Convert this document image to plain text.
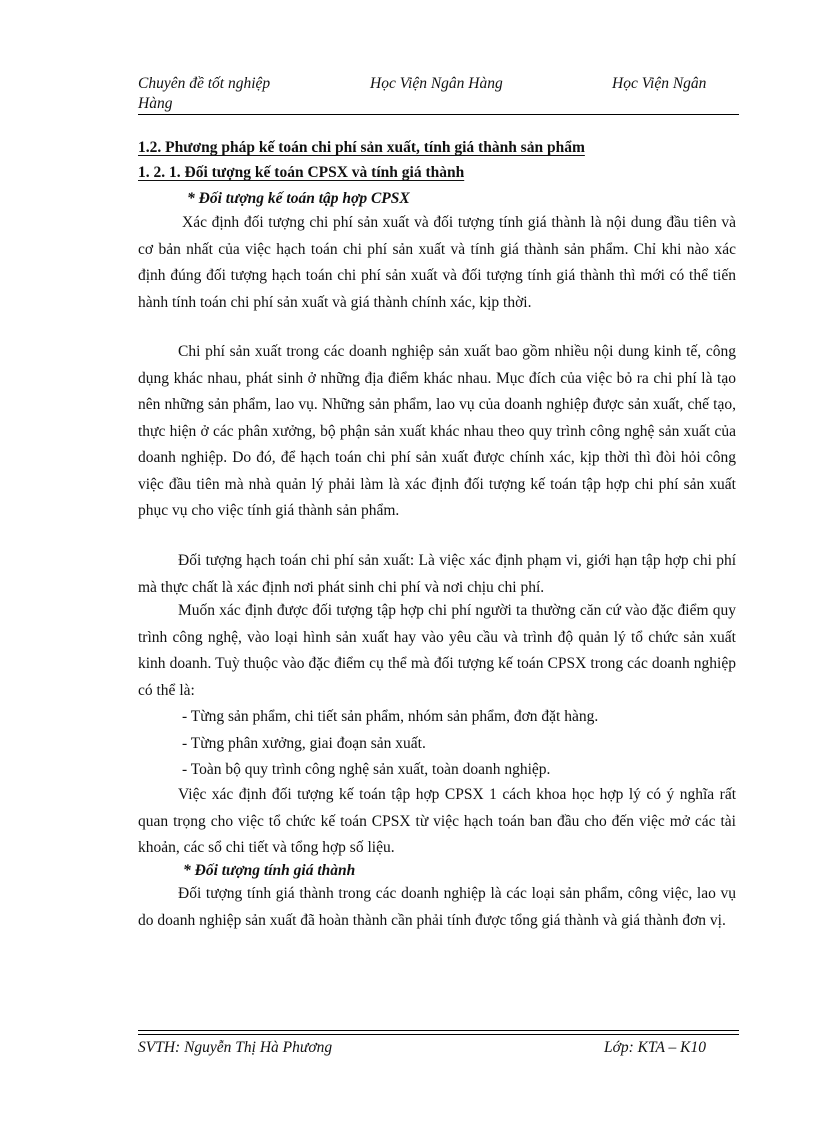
Chuyên đề tốt nghiệp
Hàng
Học Viện Ngân Hàng	Học Viện Ngân
1.2. Phương pháp kế toán chi phí sản xuất, tính giá thành sản phẩm
1. 2. 1. Đối tượng kế toán CPSX và tính giá thành
* Đối tượng kế toán tập hợp CPSX
Xác định đối tượng chi phí sản xuất và đối tượng tính giá thành là nội dung đầu tiên và cơ bản nhất của việc hạch toán chi phí sản xuất và tính giá thành sản phẩm. Chỉ khi nào xác định đúng đối tượng hạch toán chi phí sản xuất và đối tượng tính giá thành thì mới có thể tiến hành tính toán chi phí sản xuất và giá thành chính xác, kịp thời.
Chi phí sản xuất trong các doanh nghiệp sản xuất bao gồm nhiều nội dung kinh tế, công dụng khác nhau, phát sinh ở những địa điểm khác nhau. Mục đích của việc bỏ ra chi phí là tạo nên những sản phẩm, lao vụ. Những sản phẩm, lao vụ của doanh nghiệp được sản xuất, chế tạo, thực hiện ở các phân xưởng, bộ phận sản xuất khác nhau theo quy trình công nghệ sản xuất của doanh nghiệp. Do đó, để hạch toán chi phí sản xuất được chính xác, kịp thời thì đòi hỏi công việc đầu tiên mà nhà quản lý phải làm là xác định đối tượng kế toán tập hợp chi phí sản xuất phục vụ cho việc tính giá thành sản phẩm.
Đối tượng hạch toán chi phí sản xuất: Là việc xác định phạm vi, giới hạn tập hợp chi phí mà thực chất là xác định nơi phát sinh chi phí và nơi chịu chi phí.
Muốn xác định được đối tượng tập hợp chi phí người ta thường căn cứ vào đặc điểm quy trình công nghệ, vào loại hình sản xuất hay vào yêu cầu và trình độ quản lý tổ chức sản xuất kinh doanh. Tuỳ thuộc vào đặc điểm cụ thể mà đối tượng kế toán CPSX trong các doanh nghiệp có thể là:
- Từng sản phẩm, chi tiết sản phẩm, nhóm sản phẩm, đơn đặt hàng.
- Từng phân xưởng, giai đoạn sản xuất.
- Toàn bộ quy trình công nghệ sản xuất, toàn doanh nghiệp.
Việc xác định đối tượng kế toán tập hợp CPSX 1 cách khoa học hợp lý có ý nghĩa rất quan trọng cho việc tổ chức kế toán CPSX từ việc hạch toán ban đầu cho đến việc mở các tài khoản, các sổ chi tiết và tổng hợp số liệu.
* Đối tượng tính giá thành
Đối tượng tính giá thành trong các doanh nghiệp là các loại sản phẩm, công việc, lao vụ do doanh nghiệp sản xuất đã hoàn thành cần phải tính được tổng giá thành và giá thành đơn vị.
SVTH: Nguyễn Thị Hà Phương	Lớp: KTA – K10
